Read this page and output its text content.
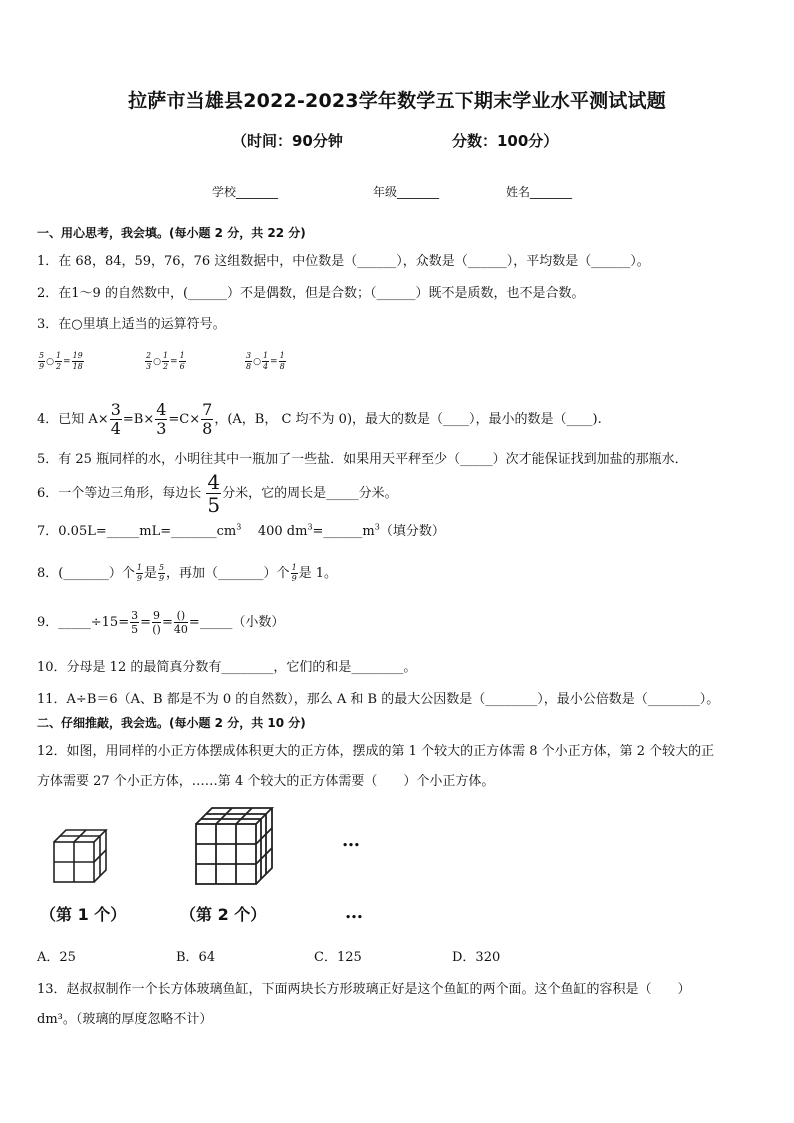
拉萨市当雄县2022-2023学年数学五下期末学业水平测试试题
（时间：90分钟	分数：100分）
学校_______	年级_______	姓名_______
一、用心思考，我会填。(每小题 2 分，共 22 分)
1．在 68，84，59，76，76 这组数据中，中位数是（______），众数是（______），平均数是（______）。
2．在1～9 的自然数中，(______）不是偶数，但是合数；（______）既不是质数，也不是合数。
3．在○里填上适当的运算符号。
$\frac{5}{9}$ ○ $\frac{1}{2} = \frac{19}{18}$	$\frac{2}{3}$ ○ $\frac{1}{2} = \frac{1}{6}$	$\frac{3}{8}$ ○ $\frac{1}{4} = \frac{1}{8}$
4．已知 $A\times \frac{3}{4} =B\times \frac{4}{3} =C\times \frac{7}{8}$ ，(A，B， C 均不为 0)，最大的数是（____），最小的数是（____).
5．有 25 瓶同样的水，小明往其中一瓶加了一些盐．如果用天平秤至少（_____）次才能保证找到加盐的那瓶水．
6．一个等边三角形，每边长 $\frac{4}{5}$ 分米，它的周长是_____分米。
7．$0.05L=\_\_\_\_\_mL=\_\_\_\_\_\_\_cm^3$ 400 $dm^3=\_\_\_\_\_\_m^3$（填分数）
8．(_______）个 $\frac{1}{9}$ 是 $\frac{5}{9}$ ，再加（_______）个 $\frac{1}{9}$ 是 1。
9．_____÷15= $\frac{3}{5} = \frac{9}{()} = \frac{()}{40}$ =_____（小数）
10．分母是 12 的最简真分数有________，它们的和是________。
11．A÷B＝6（A、B 都是不为 0 的自然数），那么 A 和 B 的最大公因数是（________），最小公倍数是（________）。
二、仔细推敲，我会选。(每小题 2 分，共 10 分)
12．如图，用同样的小正方体摆成体积更大的正方体，摆成的第 1 个较大的正方体需 8 个小正方体，第 2 个较大的正
方体需要 27 个小正方体，……第 4 个较大的正方体需要（　　）个小正方体。
…
（第 1 个）	（第 2 个）	…
A．25	B．64	C．125	D．320
13．赵叔叔制作一个长方体玻璃鱼缸，下面两块长方形玻璃正好是这个鱼缸的两个面。这个鱼缸的容积是（　　）
dm³。（玻璃的厚度忽略不计）
